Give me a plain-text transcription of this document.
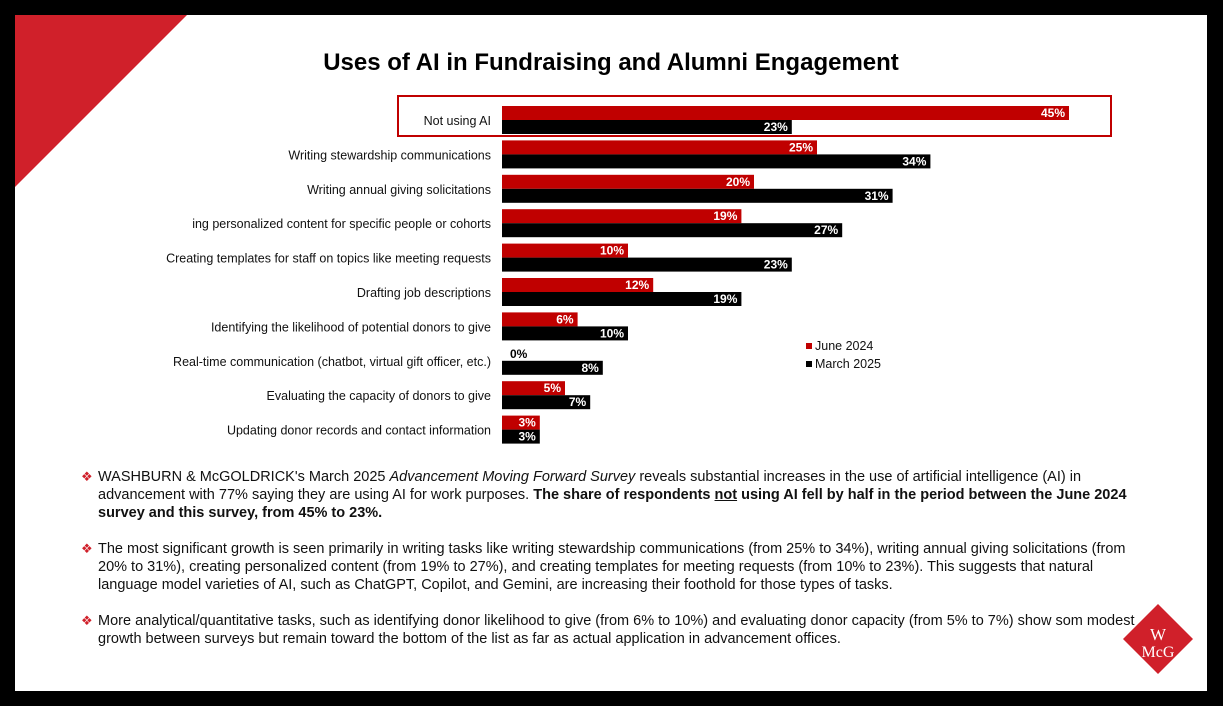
Uses of AI in Fundraising and Alumni Engagement
Not using AI
45%
23%
Writing stewardship communications
25%
34%
Writing annual giving solicitations
20%
31%
ing personalized content for specific people or cohorts
19%
27%
Creating templates for staff on topics like meeting requests
10%
23%
Drafting job descriptions
12%
19%
Identifying the likelihood of potential donors to give
6%
10%
Real-time communication (chatbot, virtual gift officer, etc.)
0%
8%
Evaluating the capacity of donors to give
5%
7%
Updating donor records and contact information
3%
3%
June 2024
March 2025
❖ WASHBURN & McGOLDRICK's March 2025 Advancement Moving Forward Survey reveals substantial increases in the use of artificial intelligence (AI) in advancement with 77% saying they are using AI for work purposes. The share of respondents not using AI fell by half in the period between the June 2024 survey and this survey, from 45% to 23%.
❖ The most significant growth is seen primarily in writing tasks like writing stewardship communications (from 25% to 34%), writing annual giving solicitations (from 20% to 31%), creating personalized content (from 19% to 27%), and creating templates for meeting requests (from 10% to 23%). This suggests that natural language model varieties of AI, such as ChatGPT, Copilot, and Gemini, are increasing their foothold for those types of tasks.
❖ More analytical/quantitative tasks, such as identifying donor likelihood to give (from 6% to 10%) and evaluating donor capacity (from 5% to 7%) show som modest growth between surveys but remain toward the bottom of the list as far as actual application in advancement offices.	W
McG
